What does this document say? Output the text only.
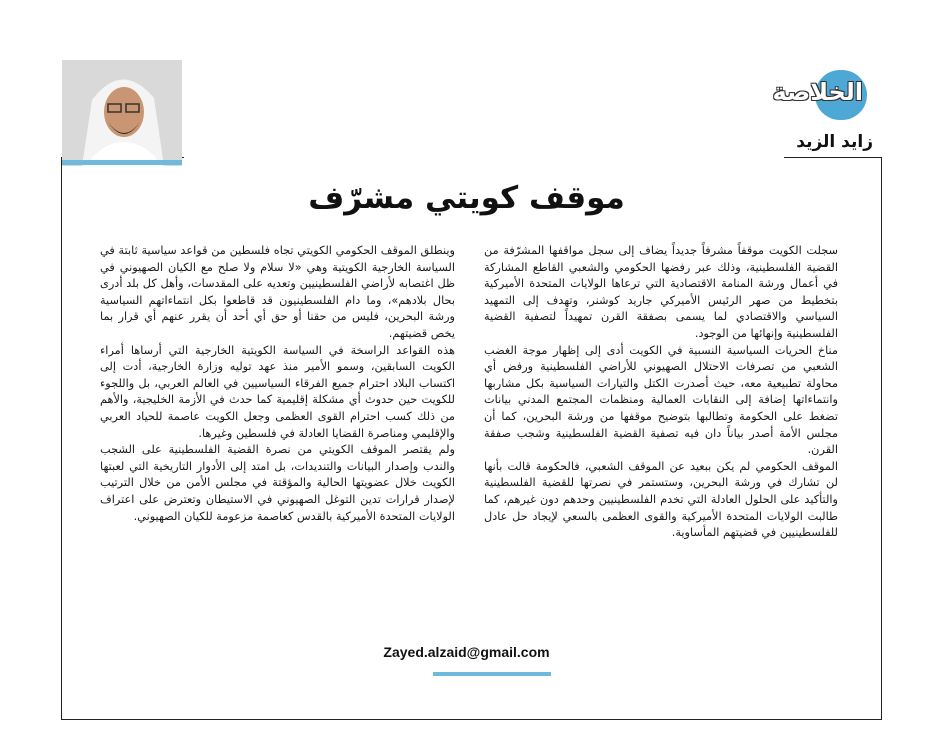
الخلاصة
زايد الزيد
موقف كويتي مشرّف

سجلت الكويت موقفاً مشرفاً جديداً يضاف إلى سجل مواقفها المشرّفة من القضية الفلسطينية، وذلك عبر رفضها الحكومي والشعبي القاطع المشاركة في أعمال ورشة المنامة الاقتصادية التي ترعاها الولايات المتحدة الأميركية بتخطيط من صهر الرئيس الأميركي جاريد كوشنر، وتهدف إلى التمهيد السياسي والاقتصادي لما يسمى بصفقة القرن تمهيداً لتصفية القضية الفلسطينية وإنهائها من الوجود.

مناخ الحريات السياسية النسبية في الكويت أدى إلى إظهار موجة الغضب الشعبي من تصرفات الاحتلال الصهيوني للأراضي الفلسطينية ورفض أي محاولة تطبيعية معه، حيث أصدرت الكتل والتيارات السياسية بكل مشاربها وانتماءاتها إضافة إلى النقابات العمالية ومنظمات المجتمع المدني بيانات تضغط على الحكومة وتطالبها بتوضيح موقفها من ورشة البحرين، كما أن مجلس الأمة أصدر بياناً دان فيه تصفية القضية الفلسطينية وشجب صفقة القرن.

الموقف الحكومي لم يكن ببعيد عن الموقف الشعبي، فالحكومة قالت بأنها لن تشارك في ورشة البحرين، وستستمر في نصرتها للقضية الفلسطينية والتأكيد على الحلول العادلة التي تخدم الفلسطينيين وحدهم دون غيرهم، كما طالبت الولايات المتحدة الأميركية والقوى العظمى بالسعي لإيجاد حل عادل للفلسطينيين في قضيتهم المأساوية.

وينطلق الموقف الحكومي الكويتي تجاه فلسطين من قواعد سياسية ثابتة في السياسة الخارجية الكويتية وهي «لا سلام ولا صلح مع الكيان الصهيوني في ظل اغتصابه لأراضي الفلسطينيين وتعديه على المقدسات، وأهل كل بلد أدرى بحال بلادهم»، وما دام الفلسطينيون قد قاطعوا بكل انتماءاتهم السياسية ورشة البحرين، فليس من حقنا أو حق أي أحد أن يقرر عنهم أي قرار بما يخص قضيتهم.

هذه القواعد الراسخة في السياسة الكويتية الخارجية التي أرساها أمراء الكويت السابقين، وسمو الأمير منذ عهد توليه وزارة الخارجية، أدت إلى اكتساب البلاد احترام جميع الفرقاء السياسيين في العالم العربي، بل واللجوء للكويت حين حدوث أي مشكلة إقليمية كما حدث في الأزمة الخليجية، والأهم من ذلك كسب احترام القوى العظمى وجعل الكويت عاصمة للحياد العربي والإقليمي ومناصرة القضايا العادلة في فلسطين وغيرها.

ولم يقتصر الموقف الكويتي من نصرة القضية الفلسطينية على الشجب والندب وإصدار البيانات والتنديدات، بل امتد إلى الأدوار التاريخية التي لعبتها الكويت خلال عضويتها الحالية والمؤقتة في مجلس الأمن من خلال الترتيب لإصدار قرارات تدين التوغل الصهيوني في الاستيطان وتعترض على اعتراف الولايات المتحدة الأميركية بالقدس كعاصمة مزعومة للكيان الصهيوني.

Zayed.alzaid@gmail.com
